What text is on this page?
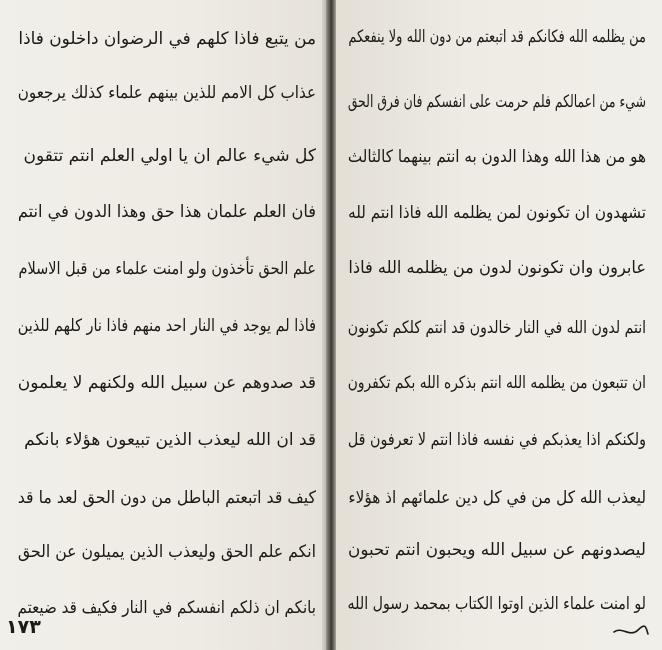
من يتبع فاذا كلهم في الرضوان داخلون فاذا
عذاب كل الامم للذين بينهم علماء كذلك يرجعون
كل شيء عالم ان يا اولي العلم انتم تتقون
فان العلم علمان هذا حق وهذا الدون في انتم
علم الحق تأخذون ولو امنت علماء من قبل الاسلام
فاذا لم يوجد في النار احد منهم فاذا نار كلهم للذين
قد صدوهم عن سبيل الله ولكنهم لا يعلمون
قد ان الله ليعذب الذين تبيعون هؤلاء بانكم
كيف قد اتبعتم الباطل من دون الحق لعد ما قد
انكم علم الحق وليعذب الذين يميلون عن الحق
بانكم ان ذلكم انفسكم في النار فكيف قد ضيعتم
من يظلمه الله فكانكم قد اتبعتم من دون الله ولا ينفعكم
شيء من اعمالكم فلم حرمت على انفسكم فان فرق الحق
هو من هذا الله وهذا الدون به انتم بينهما كالثالث
تشهدون ان تكونون لمن يظلمه الله فاذا انتم لله
عابرون وان تكونون لدون من يظلمه الله فاذا
انتم لدون الله في النار خالدون قد انتم كلكم تكونون
ان تتبعون من يظلمه الله انتم بذكره الله بكم تكفرون
ولكنكم اذا يعذبكم في نفسه فاذا انتم لا تعرفون قل
ليعذب الله كل من في كل دين علمائهم اذ هؤلاء
ليصدونهم عن سبيل الله ويحبون انتم تحبون
لو امنت علماء الذين اوتوا الكتاب بمحمد رسول الله
١٧٣
